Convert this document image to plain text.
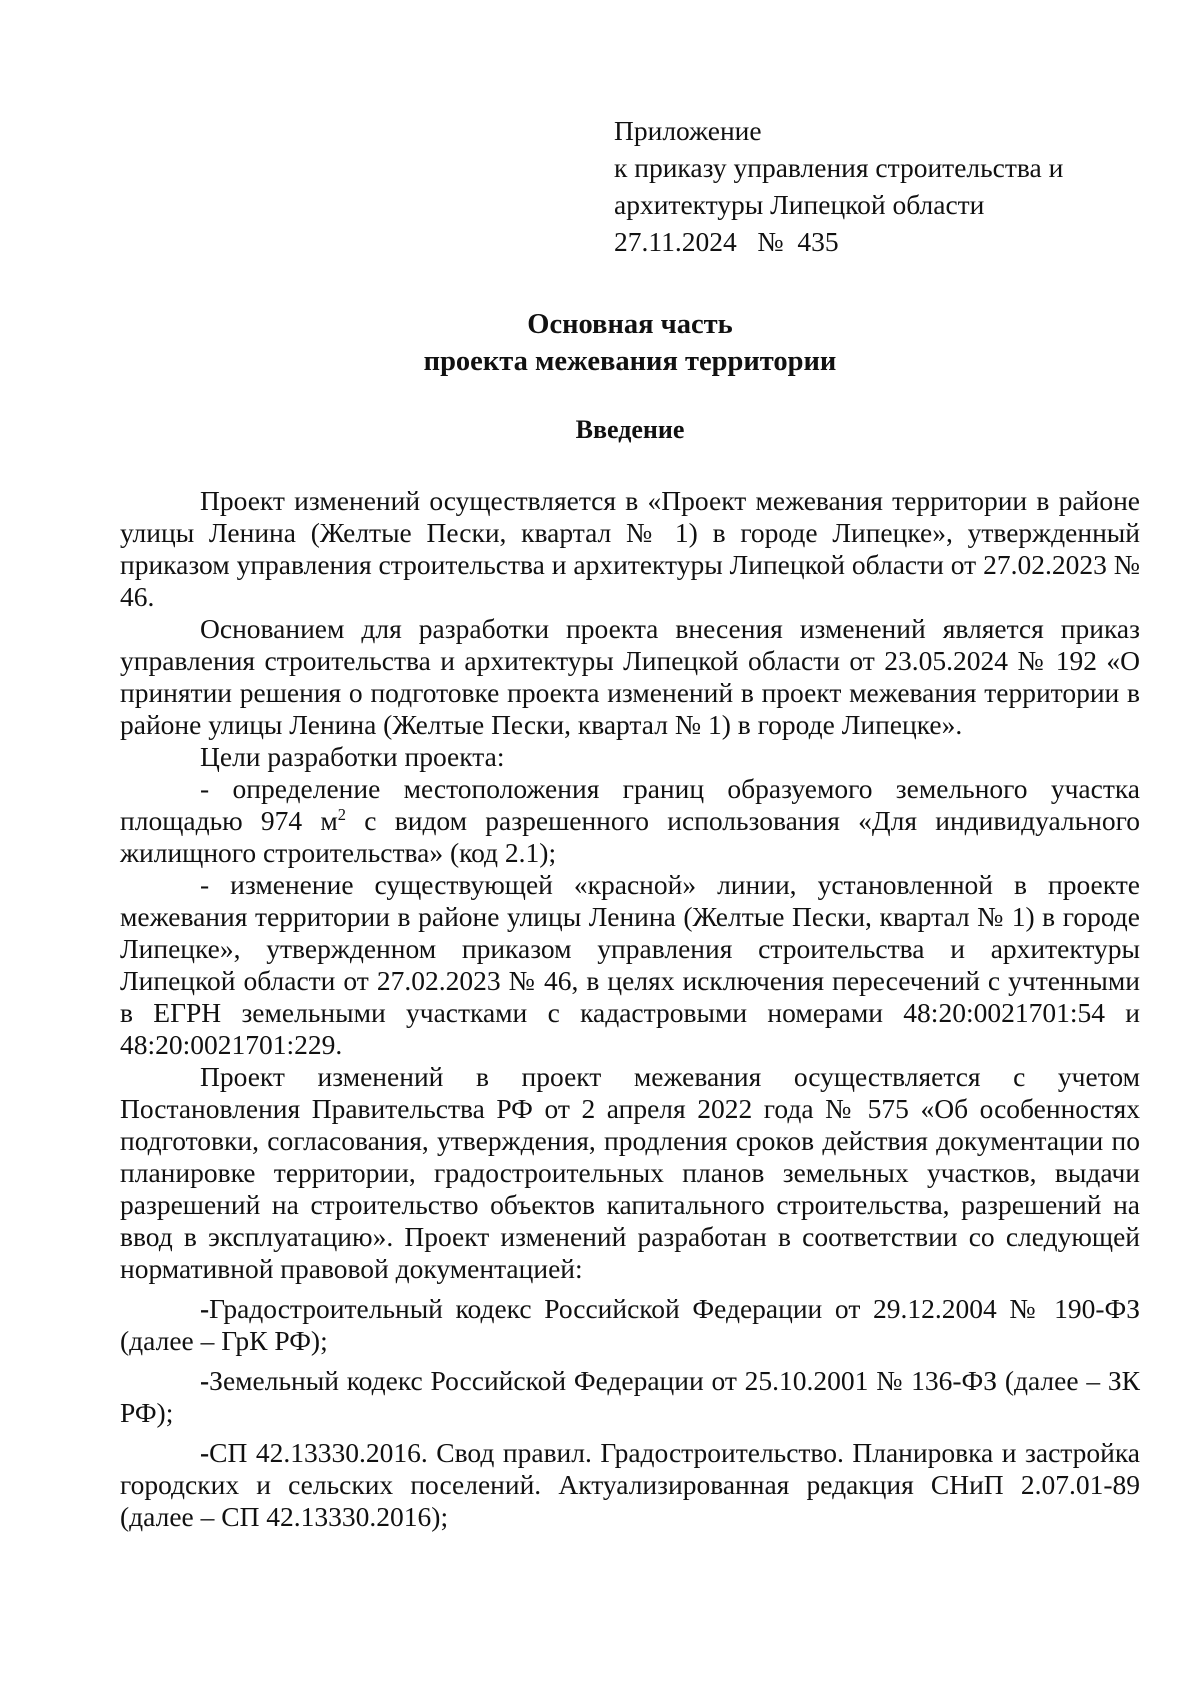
Приложение
к приказу управления строительства и
архитектуры Липецкой области
27.11.2024   №  435
Основная часть
проекта межевания территории
Введение

Проект изменений осуществляется в «Проект межевания территории в районе улицы Ленина (Желтые Пески, квартал № 1) в городе Липецке», утвержденный приказом управления строительства и архитектуры Липецкой области от 27.02.2023 № 46.

Основанием для разработки проекта внесения изменений является приказ управления строительства и архитектуры Липецкой области от 23.05.2024 № 192 «О принятии решения о подготовке проекта изменений в проект межевания территории в районе улицы Ленина (Желтые Пески, квартал № 1) в городе Липецке».

Цели разработки проекта:

- определение местоположения границ образуемого земельного участка площадью 974 $м^2$ с видом разрешенного использования «Для индивидуального жилищного строительства» (код 2.1);

- изменение существующей «красной» линии, установленной в проекте межевания территории в районе улицы Ленина (Желтые Пески, квартал № 1) в городе Липецке», утвержденном приказом управления строительства и архитектуры Липецкой области от 27.02.2023 № 46, в целях исключения пересечений с учтенными в ЕГРН земельными участками с кадастровыми номерами 48:20:0021701:54 и 48:20:0021701:229.

Проект изменений в проект межевания осуществляется с учетом Постановления Правительства РФ от 2 апреля 2022 года № 575 «Об особенностях подготовки, согласования, утверждения, продления сроков действия документации по планировке территории, градостроительных планов земельных участков, выдачи разрешений на строительство объектов капитального строительства, разрешений на ввод в эксплуатацию». Проект изменений разработан в соответствии со следующей нормативной правовой документацией:

-Градостроительный кодекс Российской Федерации от 29.12.2004 № 190-ФЗ (далее – ГрК РФ);

-Земельный кодекс Российской Федерации от 25.10.2001 № 136-ФЗ (далее – ЗК РФ);

-СП 42.13330.2016. Свод правил. Градостроительство. Планировка и застройка городских и сельских поселений. Актуализированная редакция СНиП 2.07.01-89 (далее – СП 42.13330.2016);
